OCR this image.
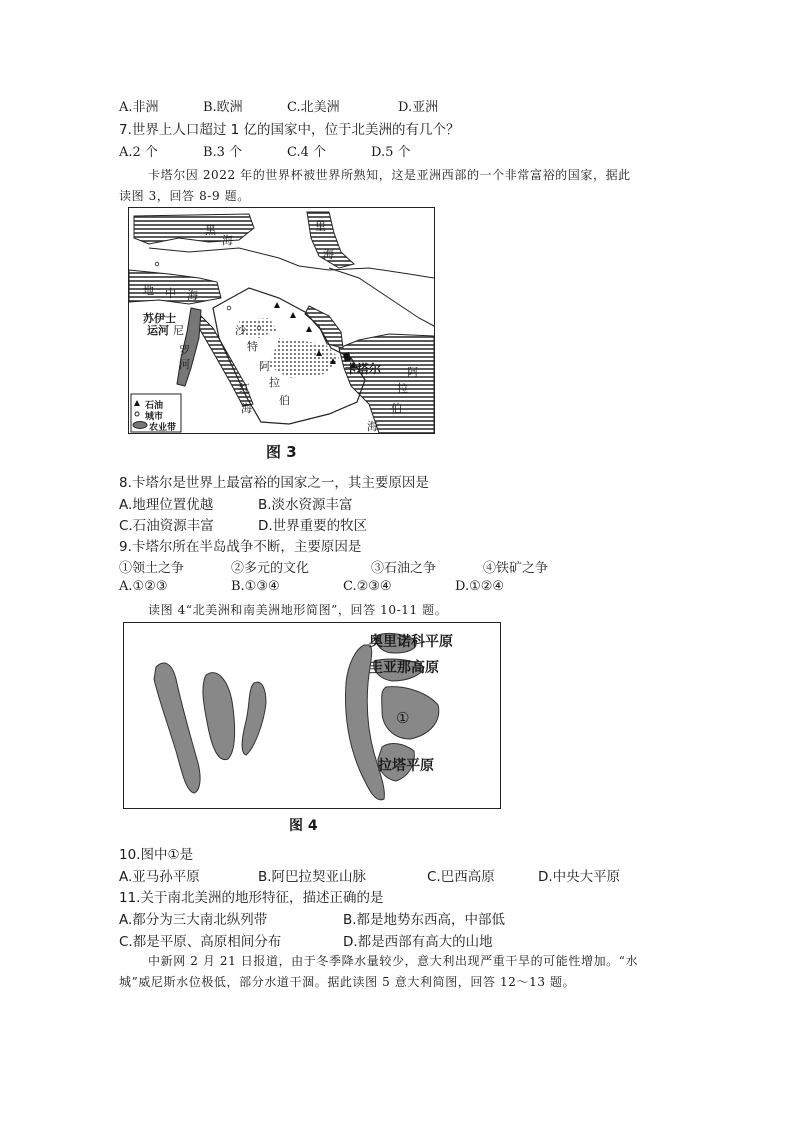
A.非洲	B.欧洲	C.北美洲	D.亚洲
7.世界上人口超过 1 亿的国家中，位于北美洲的有几个？
A.2 个	B.3 个	C.4 个	D.5 个
卡塔尔因 2022 年的世界杯被世界所熟知，这是亚洲西部的一个非常富裕的国家，据此
读图 3，回答 8-9 题。
黑
海
里
海
地 中 海
苏伊士
运河 尼
罗
河
沙
特
阿
拉
伯
卡塔尔 阿
拉
伯
海
红
海
石油
城市
农业带
图 3
8.卡塔尔是世界上最富裕的国家之一，其主要原因是
A.地理位置优越	B.淡水资源丰富
C.石油资源丰富	D.世界重要的牧区
9.卡塔尔所在半岛战争不断，主要原因是
①领土之争	②多元的文化	③石油之争	④铁矿之争
A.①②③	B.①③④	C.②③④	D.①②④
读图 4“北美洲和南美洲地形简图”，回答 10-11 题。
奥里诺科平原
圭亚那高原
①
拉塔平原
图 4
10.图中①是
A.亚马孙平原	B.阿巴拉契亚山脉	C.巴西高原	D.中央大平原
11.关于南北美洲的地形特征，描述正确的是
A.都分为三大南北纵列带	B.都是地势东西高，中部低
C.都是平原、高原相间分布	D.都是西部有高大的山地
中新网 2 月 21 日报道，由于冬季降水量较少，意大利出现严重干旱的可能性增加。“水
城”威尼斯水位极低，部分水道干涸。据此读图 5 意大利简图，回答 12～13 题。
